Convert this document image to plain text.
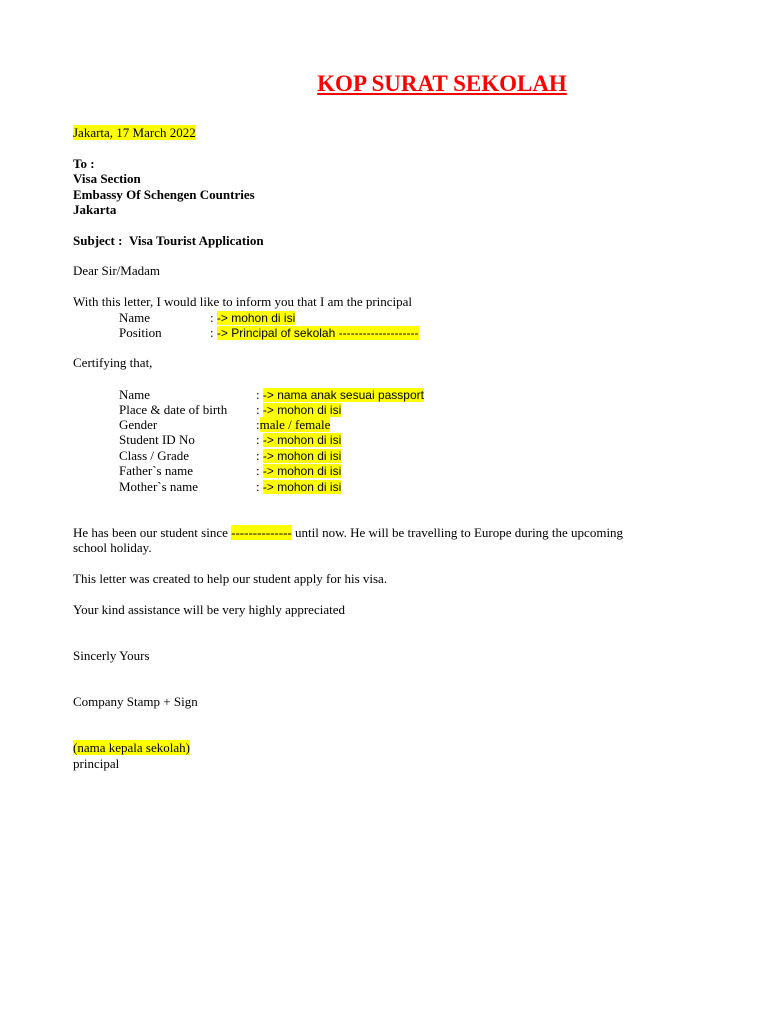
KOP SURAT SEKOLAH
Jakarta, 17 March 2022
To :
Visa Section
Embassy Of Schengen Countries
Jakarta
Subject : Visa Tourist Application
Dear Sir/Madam
With this letter, I would like to inform you that I am the principal
Name	: -> mohon di isi
Position	: -> Principal of sekolah --------------------
Certifying that,
Name	: -> nama anak sesuai passport
Place & date of birth : -> mohon di isi
Gender	:male / female
Student ID No	: -> mohon di isi
Class / Grade	: -> mohon di isi
Father`s name	: -> mohon di isi
Mother`s name	: -> mohon di isi
He has been our student since -------------- until now. He will be travelling to Europe during the upcoming
school holiday.
This letter was created to help our student apply for his visa.
Your kind assistance will be very highly appreciated
Sincerly Yours
Company Stamp + Sign
(nama kepala sekolah)
principal
